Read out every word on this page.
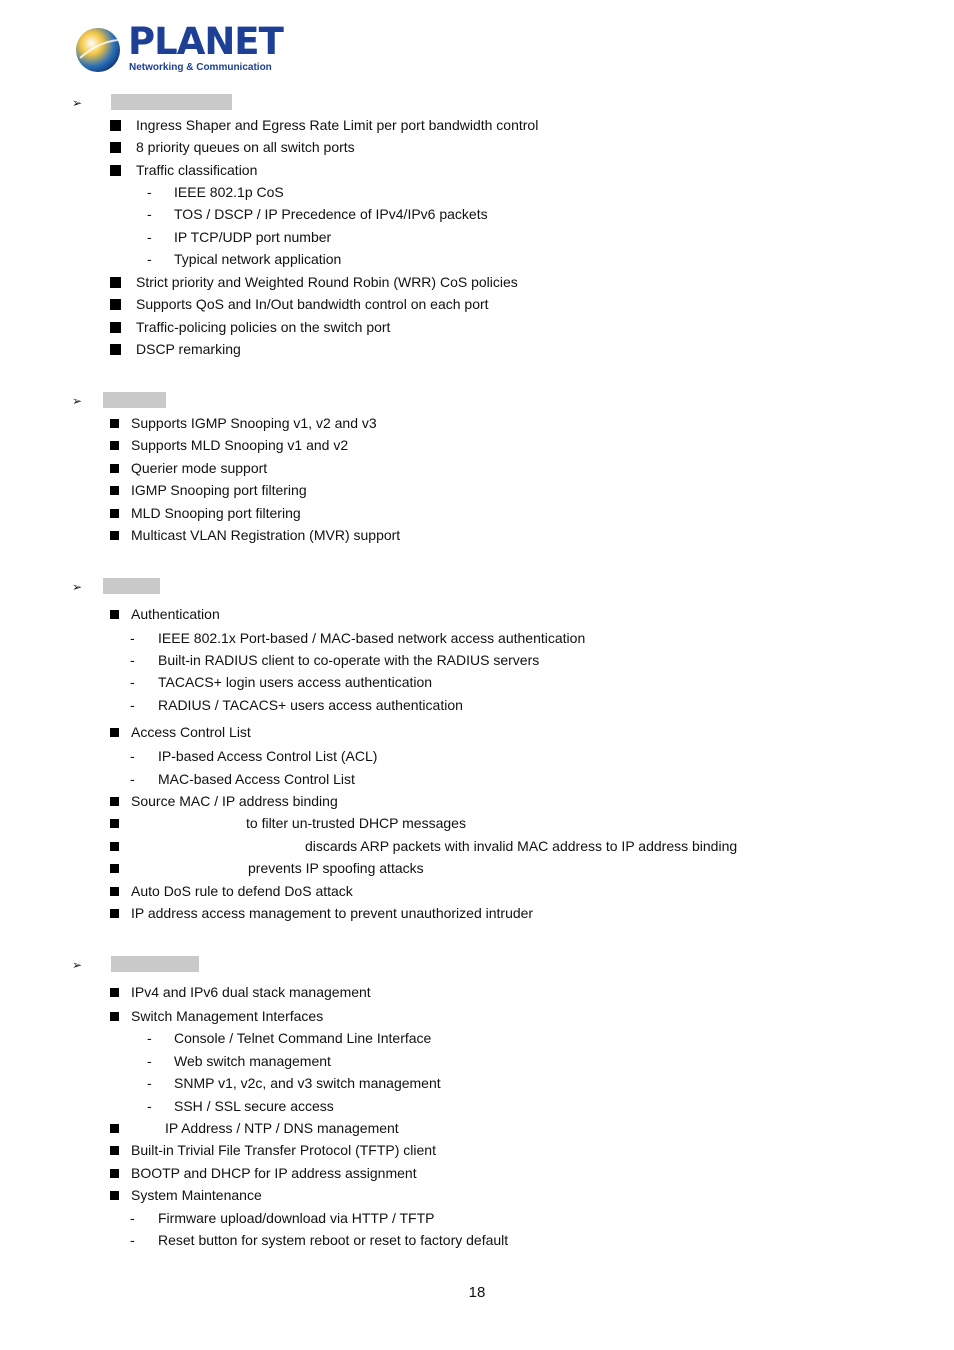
PLANET
Networking & Communication
➢
Ingress Shaper and Egress Rate Limit per port bandwidth control
8 priority queues on all switch ports
Traffic classification
- IEEE 802.1p CoS
- TOS / DSCP / IP Precedence of IPv4/IPv6 packets
- IP TCP/UDP port number
- Typical network application
Strict priority and Weighted Round Robin (WRR) CoS policies
Supports QoS and In/Out bandwidth control on each port
Traffic-policing policies on the switch port
DSCP remarking
➢
Supports IGMP Snooping v1, v2 and v3
Supports MLD Snooping v1 and v2
Querier mode support
IGMP Snooping port filtering
MLD Snooping port filtering
Multicast VLAN Registration (MVR) support
➢
Authentication
- IEEE 802.1x Port-based / MAC-based network access authentication
- Built-in RADIUS client to co-operate with the RADIUS servers
- TACACS+ login users access authentication
- RADIUS / TACACS+ users access authentication
Access Control List
- IP-based Access Control List (ACL)
- MAC-based Access Control List
Source MAC / IP address binding
to filter un-trusted DHCP messages
discards ARP packets with invalid MAC address to IP address binding
prevents IP spoofing attacks
Auto DoS rule to defend DoS attack
IP address access management to prevent unauthorized intruder
➢
IPv4 and IPv6 dual stack management
Switch Management Interfaces
- Console / Telnet Command Line Interface
- Web switch management
- SNMP v1, v2c, and v3 switch management
- SSH / SSL secure access
IP Address / NTP / DNS management
Built-in Trivial File Transfer Protocol (TFTP) client
BOOTP and DHCP for IP address assignment
System Maintenance
- Firmware upload/download via HTTP / TFTP
- Reset button for system reboot or reset to factory default
18
